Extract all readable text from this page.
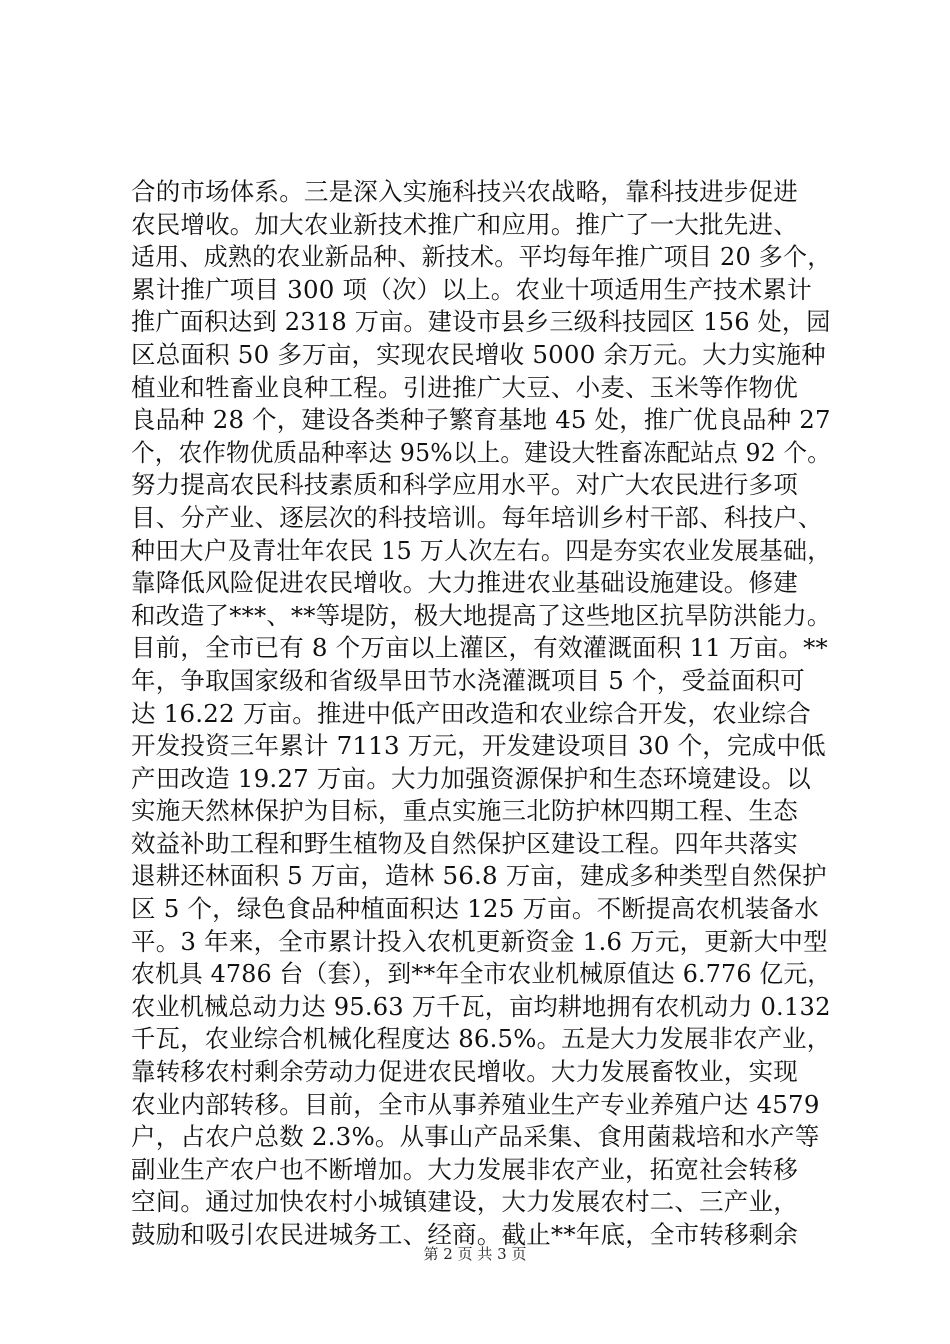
合的市场体系。三是深入实施科技兴农战略，靠科技进步促进
农民增收。加大农业新技术推广和应用。推广了一大批先进、
适用、成熟的农业新品种、新技术。平均每年推广项目 20 多个，
累计推广项目 300 项（次）以上。农业十项适用生产技术累计
推广面积达到 2318 万亩。建设市县乡三级科技园区 156 处，园
区总面积 50 多万亩，实现农民增收 5000 余万元。大力实施种
植业和牲畜业良种工程。引进推广大豆、小麦、玉米等作物优
良品种 28 个，建设各类种子繁育基地 45 处，推广优良品种 27
个，农作物优质品种率达 95%以上。建设大牲畜冻配站点 92 个。
努力提高农民科技素质和科学应用水平。对广大农民进行多项
目、分产业、逐层次的科技培训。每年培训乡村干部、科技户、
种田大户及青壮年农民 15 万人次左右。四是夯实农业发展基础，
靠降低风险促进农民增收。大力推进农业基础设施建设。修建
和改造了***、**等堤防，极大地提高了这些地区抗旱防洪能力。
目前，全市已有 8 个万亩以上灌区，有效灌溉面积 11 万亩。**
年，争取国家级和省级旱田节水浇灌溉项目 5 个，受益面积可
达 16.22 万亩。推进中低产田改造和农业综合开发，农业综合
开发投资三年累计 7113 万元，开发建设项目 30 个，完成中低
产田改造 19.27 万亩。大力加强资源保护和生态环境建设。以
实施天然林保护为目标，重点实施三北防护林四期工程、生态
效益补助工程和野生植物及自然保护区建设工程。四年共落实
退耕还林面积 5 万亩，造林 56.8 万亩，建成多种类型自然保护
区 5 个，绿色食品种植面积达 125 万亩。不断提高农机装备水
平。3 年来，全市累计投入农机更新资金 1.6 万元，更新大中型
农机具 4786 台（套），到**年全市农业机械原值达 6.776 亿元，
农业机械总动力达 95.63 万千瓦，亩均耕地拥有农机动力 0.132
千瓦，农业综合机械化程度达 86.5%。五是大力发展非农产业，
靠转移农村剩余劳动力促进农民增收。大力发展畜牧业，实现
农业内部转移。目前，全市从事养殖业生产专业养殖户达 4579
户，占农户总数 2.3%。从事山产品采集、食用菌栽培和水产等
副业生产农户也不断增加。大力发展非农产业，拓宽社会转移
空间。通过加快农村小城镇建设，大力发展农村二、三产业，
鼓励和吸引农民进城务工、经商。截止**年底，全市转移剩余
第 2 页 共 3 页
